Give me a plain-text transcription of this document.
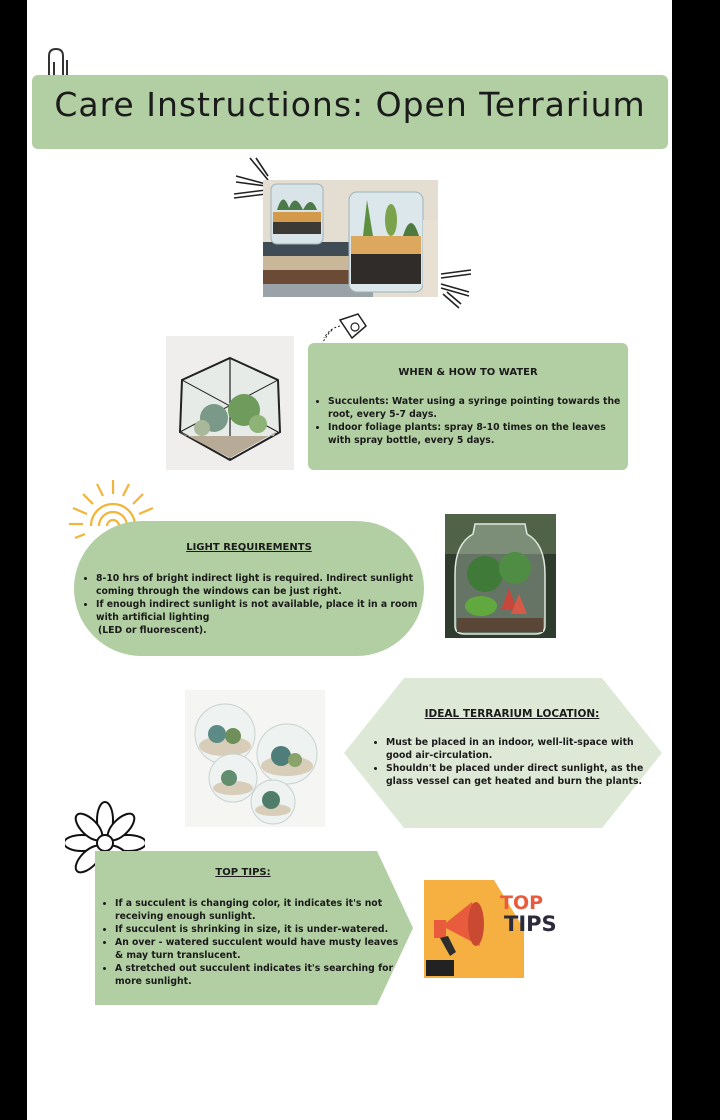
Care Instructions: Open Terrarium
WHEN & HOW TO WATER
• Succulents: Water using a syringe pointing towards the root, every 5-7 days.
• Indoor foliage plants: spray 8-10 times on the leaves with spray bottle, every 5 days.
LIGHT REQUIREMENTS
• 8-10 hrs of bright indirect light is required. Indirect sunlight coming through the windows can be just right.
• If enough indirect sunlight is not available, place it in a room with artificial lighting
(LED or fluorescent).
IDEAL TERRARIUM LOCATION:
• Must be placed in an indoor, well-lit-space with good air-circulation.
• Shouldn't be placed under direct sunlight, as the glass vessel can get heated and burn the plants.
TOP TIPS:
• If a succulent is changing color, it indicates it's not receiving enough sunlight.
• If succulent is shrinking in size, it is under-watered.
• An over - watered succulent would have musty leaves & may turn translucent.
• A stretched out succulent indicates it's searching for more sunlight.
TOP
TIPS
